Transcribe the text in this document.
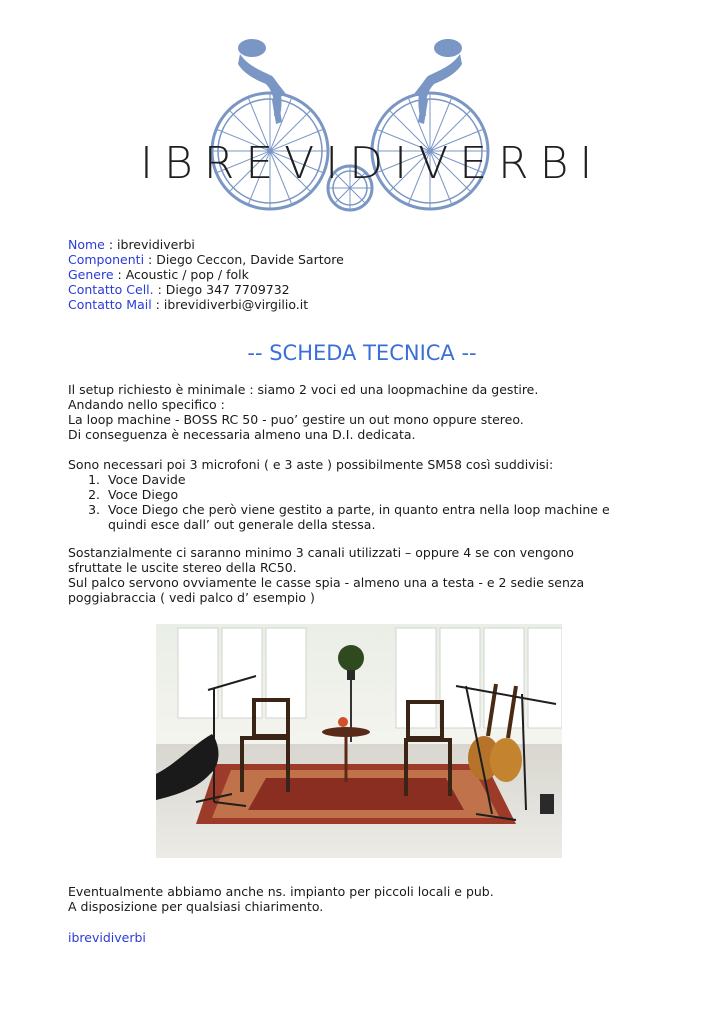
IBREVIDIVERBI
Nome : ibrevidiverbi
Componenti : Diego Ceccon, Davide Sartore
Genere : Acoustic / pop / folk
Contatto Cell. : Diego 347 7709732
Contatto Mail : ibrevidiverbi@virgilio.it
-- SCHEDA TECNICA --

Il setup richiesto è minimale : siamo 2 voci ed una loopmachine da gestire.

Andando nello specifico :

La loop machine - BOSS RC 50 - puo’ gestire un out mono oppure stereo.

Di conseguenza è necessaria almeno una D.I. dedicata.

Sono necessari poi 3 microfoni ( e 3 aste ) possibilmente SM58 così suddivisi:

1. Voce Davide
2. Voce Diego
3. Voce Diego che però viene gestito a parte, in quanto entra nella loop machine e quindi esce dall’ out generale della stessa.

Sostanzialmente ci saranno minimo 3 canali utilizzati – oppure 4 se con vengono sfruttate le uscite stereo della RC50.

Sul palco servono ovviamente le casse spia - almeno una a testa - e 2 sedie senza poggiabraccia ( vedi palco d’ esempio )

Eventualmente abbiamo anche ns. impianto per piccoli locali e pub.

A disposizione per qualsiasi chiarimento.

ibrevidiverbi
